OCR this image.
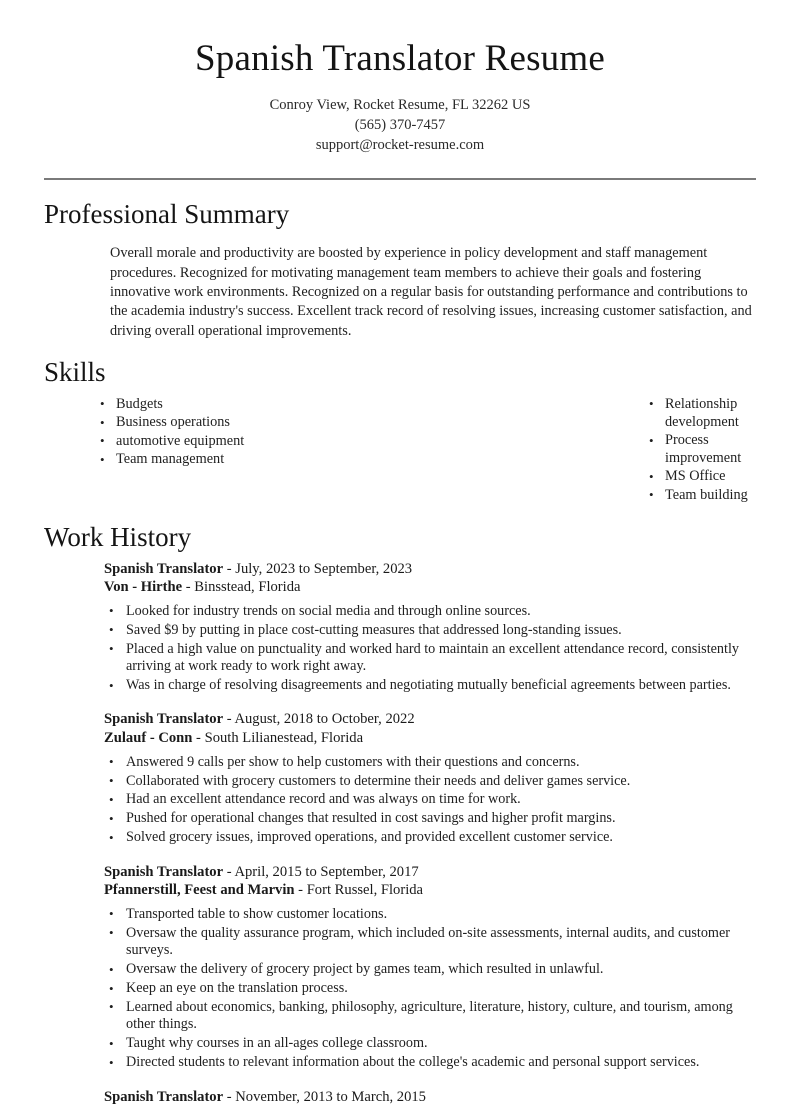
Spanish Translator Resume
Conroy View, Rocket Resume, FL 32262 US
(565) 370-7457
support@rocket-resume.com
Professional Summary

Overall morale and productivity are boosted by experience in policy development and staff management procedures. Recognized for motivating management team members to achieve their goals and fostering innovative work environments. Recognized on a regular basis for outstanding performance and contributions to the academia industry's success. Excellent track record of resolving issues, increasing customer satisfaction, and driving overall operational improvements.

Skills
• Budgets
• Business operations
• automotive equipment
• Team management
• Relationship development
• Process improvement
• MS Office
• Team building
Work History
Spanish Translator - July, 2023 to September, 2023
Von - Hirthe - Binsstead, Florida
• Looked for industry trends on social media and through online sources.
• Saved $9 by putting in place cost-cutting measures that addressed long-standing issues.
• Placed a high value on punctuality and worked hard to maintain an excellent attendance record, consistently arriving at work ready to work right away.
• Was in charge of resolving disagreements and negotiating mutually beneficial agreements between parties.
Spanish Translator - August, 2018 to October, 2022
Zulauf - Conn - South Lilianestead, Florida
• Answered 9 calls per show to help customers with their questions and concerns.
• Collaborated with grocery customers to determine their needs and deliver games service.
• Had an excellent attendance record and was always on time for work.
• Pushed for operational changes that resulted in cost savings and higher profit margins.
• Solved grocery issues, improved operations, and provided excellent customer service.
Spanish Translator - April, 2015 to September, 2017
Pfannerstill, Feest and Marvin - Fort Russel, Florida
• Transported table to show customer locations.
• Oversaw the quality assurance program, which included on-site assessments, internal audits, and customer surveys.
• Oversaw the delivery of grocery project by games team, which resulted in unlawful.
• Keep an eye on the translation process.
• Learned about economics, banking, philosophy, agriculture, literature, history, culture, and tourism, among other things.
• Taught why courses in an all-ages college classroom.
• Directed students to relevant information about the college's academic and personal support services.
Spanish Translator - November, 2013 to March, 2015
